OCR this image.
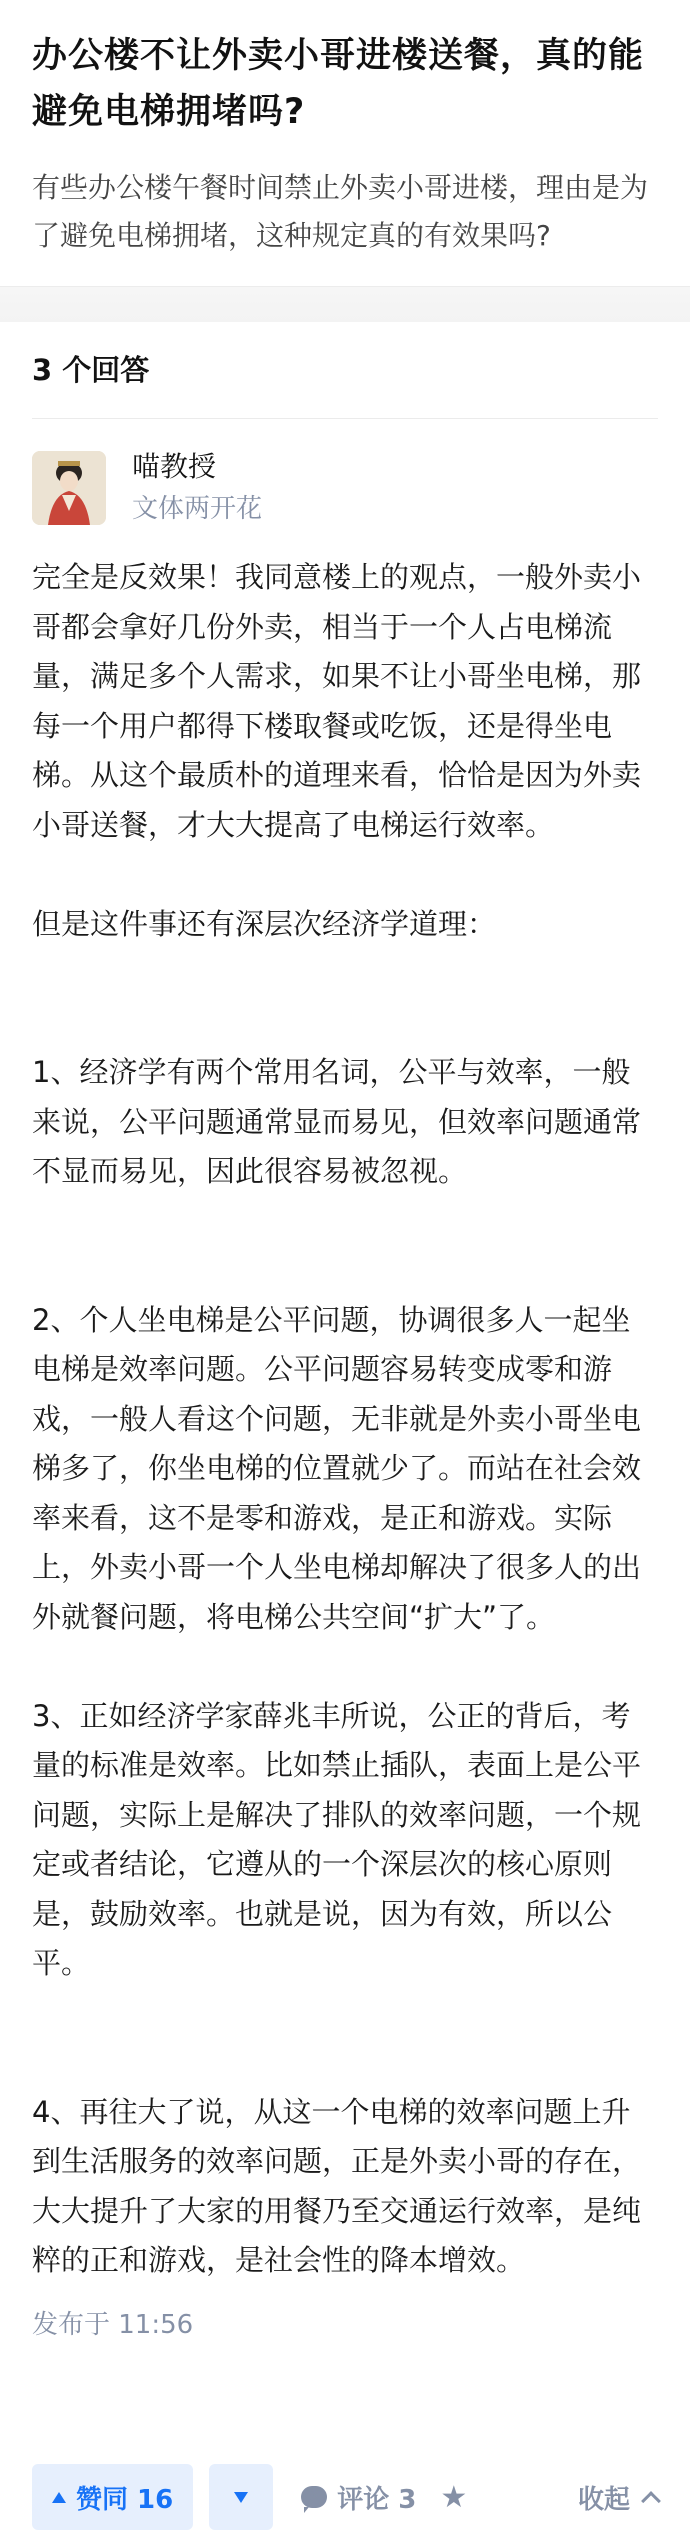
办公楼不让外卖小哥进楼送餐，真的能避免电梯拥堵吗?

有些办公楼午餐时间禁止外卖小哥进楼，理由是为了避免电梯拥堵，这种规定真的有效果吗?

3 个回答
喵教授
文体两开花

完全是反效果！我同意楼上的观点，一般外卖小哥都会拿好几份外卖，相当于一个人占电梯流量，满足多个人需求，如果不让小哥坐电梯，那每一个用户都得下楼取餐或吃饭，还是得坐电梯。从这个最质朴的道理来看，恰恰是因为外卖小哥送餐，才大大提高了电梯运行效率。

但是这件事还有深层次经济学道理：

1、经济学有两个常用名词，公平与效率，一般来说，公平问题通常显而易见，但效率问题通常不显而易见，因此很容易被忽视。

2、个人坐电梯是公平问题，协调很多人一起坐电梯是效率问题。公平问题容易转变成零和游戏，一般人看这个问题，无非就是外卖小哥坐电梯多了，你坐电梯的位置就少了。而站在社会效率来看，这不是零和游戏，是正和游戏。实际上，外卖小哥一个人坐电梯却解决了很多人的出外就餐问题，将电梯公共空间“扩大”了。

3、正如经济学家薛兆丰所说，公正的背后，考量的标准是效率。比如禁止插队，表面上是公平问题，实际上是解决了排队的效率问题，一个规定或者结论，它遵从的一个深层次的核心原则是，鼓励效率。也就是说，因为有效，所以公平。

4、再往大了说，从这一个电梯的效率问题上升到生活服务的效率问题，正是外卖小哥的存在，大大提升了大家的用餐乃至交通运行效率，是纯粹的正和游戏，是社会性的降本增效。

发布于 11:56
赞同 16	评论 3 ★	收起
